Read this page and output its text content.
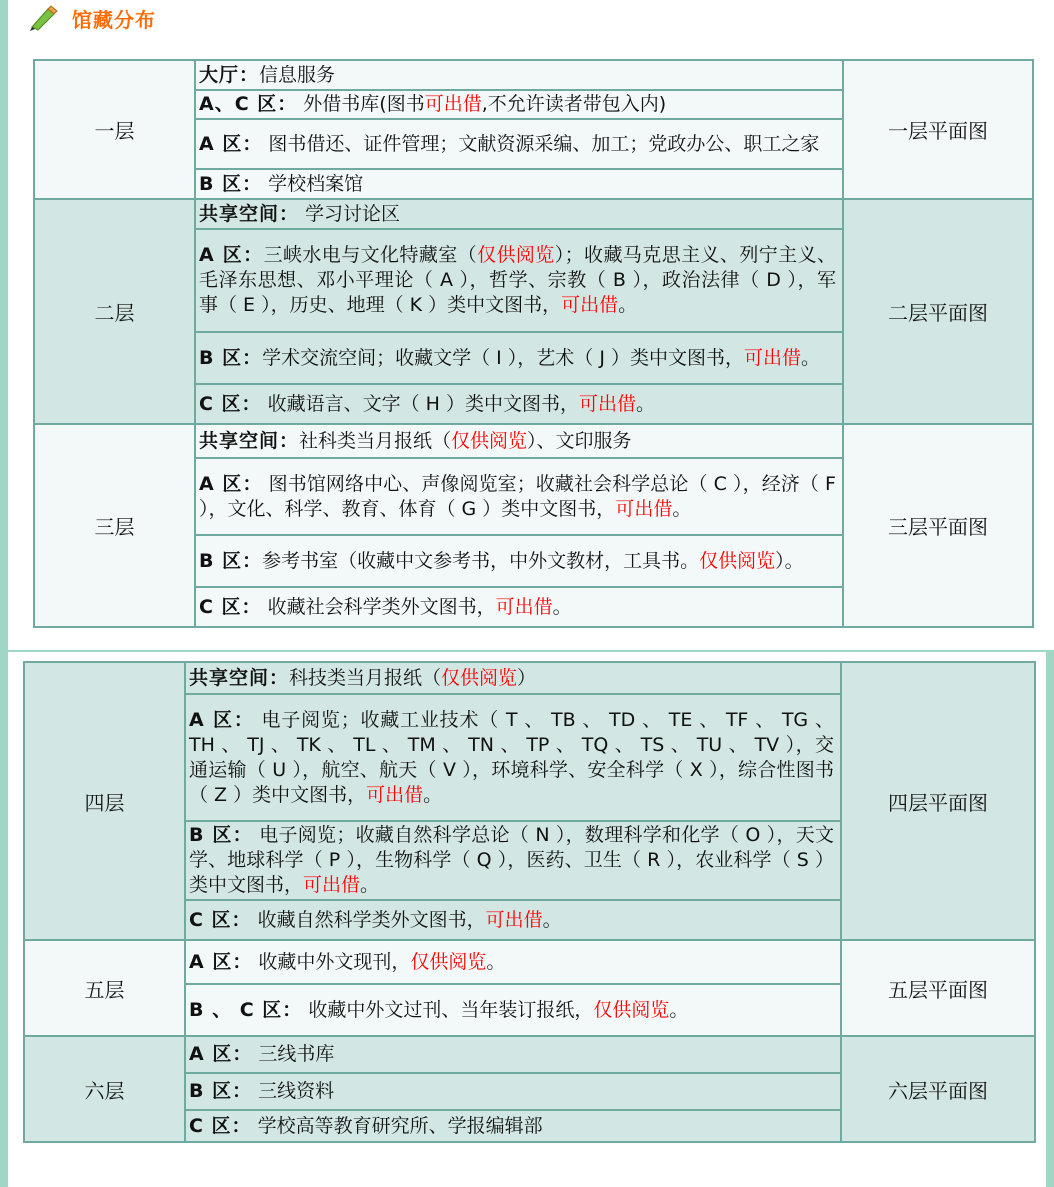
馆藏分布
一层	大厅：信息服务	一层平面图
	A、C 区： 外借书库(图书可出借,不允许读者带包入内)	
	A 区： 图书借还、证件管理；文献资源采编、加工；党政办公、职工之家	
	B 区： 学校档案馆	
二层	共享空间： 学习讨论区	二层平面图
	A 区：三峡水电与文化特藏室（仅供阅览）；收藏马克思主义、列宁主义、毛泽东思想、邓小平理论（ A ），哲学、宗教（ B ），政治法律（ D ），军事（ E ），历史、地理（ K ）类中文图书，可出借。	
	B 区：学术交流空间；收藏文学（ I ），艺术（ J ）类中文图书，可出借。	
	C 区： 收藏语言、文字（ H ）类中文图书，可出借。	
三层	共享空间：社科类当月报纸（仅供阅览）、文印服务	三层平面图
	A 区： 图书馆网络中心、声像阅览室；收藏社会科学总论（ C ），经济（ F ），文化、科学、教育、体育（ G ）类中文图书，可出借。	
	B 区：参考书室（收藏中文参考书，中外文教材，工具书。仅供阅览）。	
	C 区： 收藏社会科学类外文图书，可出借。	
四层	共享空间：科技类当月报纸（仅供阅览）	四层平面图
	A 区： 电子阅览；收藏工业技术（ T 、 TB 、 TD 、 TE 、 TF 、 TG 、 TH 、 TJ 、 TK 、 TL 、 TM 、 TN 、 TP 、 TQ 、 TS 、 TU 、 TV ），交通运输（ U ），航空、航天（ V ），环境科学、安全科学（ X ），综合性图书（ Z ）类中文图书，可出借。	
	B 区： 电子阅览；收藏自然科学总论（ N ），数理科学和化学（ O ），天文学、地球科学（ P ），生物科学（ Q ），医药、卫生（ R ），农业科学（ S ）类中文图书，可出借。	
	C 区： 收藏自然科学类外文图书，可出借。	
五层	A 区： 收藏中外文现刊，仅供阅览。	五层平面图
	B 、 C 区： 收藏中外文过刊、当年装订报纸，仅供阅览。	
六层	A 区： 三线书库	六层平面图
	B 区： 三线资料	
	C 区： 学校高等教育研究所、学报编辑部	
